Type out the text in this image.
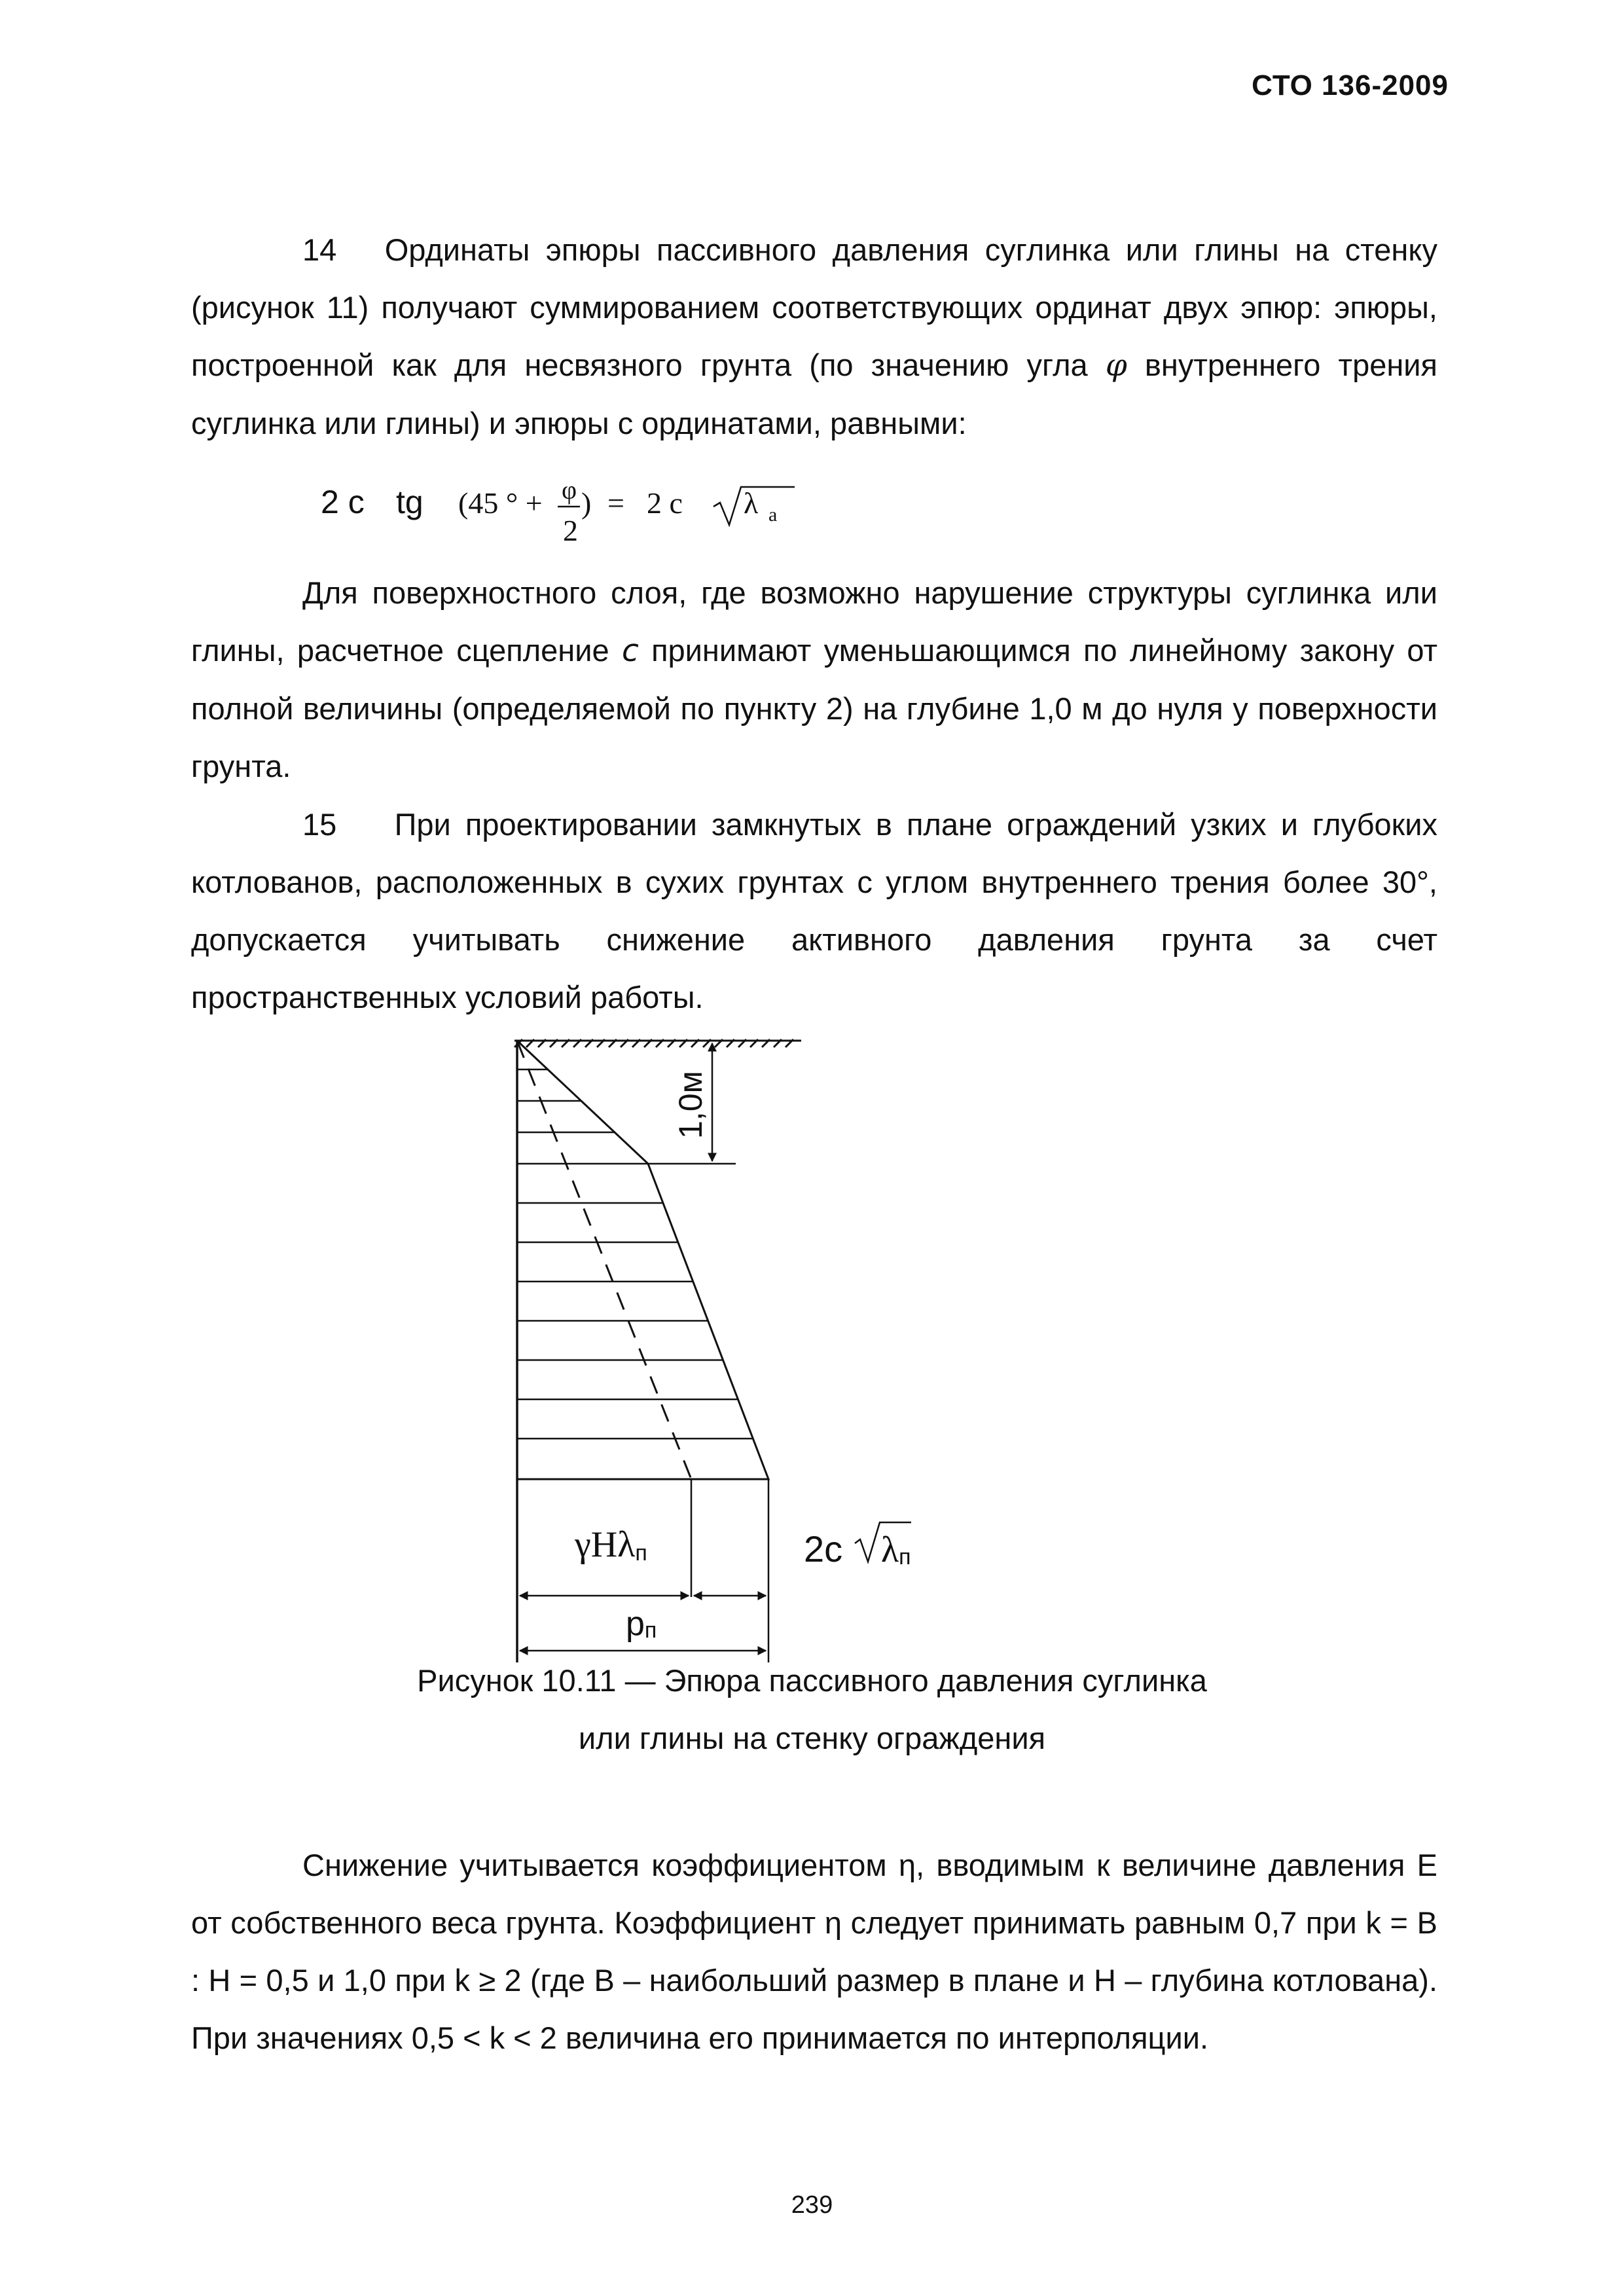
СТО 136-2009

14 Ординаты эпюры пассивного давления суглинка или глины на стенку (рисунок 11) получают суммированием соответствующих ординат двух эпюр: эпюры, построенной как для несвязного грунта (по значению угла φ внутреннего трения суглинка или глины) и эпюры с ординатами, равными:

2 c tg (45 ° + φ
2
) = 2 c λ a

Для поверхностного слоя, где возможно нарушение структуры суглинка или глины, расчетное сцепление c принимают уменьшающимся по линейному закону от полной величины (определяемой по пункту 2) на глубине 1,0 м до нуля у поверхности грунта.

15 При проектировании замкнутых в плане ограждений узких и глубоких котлованов, расположенных в сухих грунтах с углом внутреннего трения более 30°, допускается учитывать снижение активного давления грунта за счет пространственных условий работы.

1,0м
γHλп	2c λп
pп

Рисунок 10.11 — Эпюра пассивного давления суглинка

или глины на стенку ограждения

Снижение учитывается коэффициентом η, вводимым к величине давления Е от собственного веса грунта. Коэффициент η следует принимать равным 0,7 при k = В : Н = 0,5 и 1,0 при k ≥ 2 (где В – наибольший размер в плане и Н – глубина котлована). При значениях 0,5 < k < 2 величина его принимается по интерполяции.

239
